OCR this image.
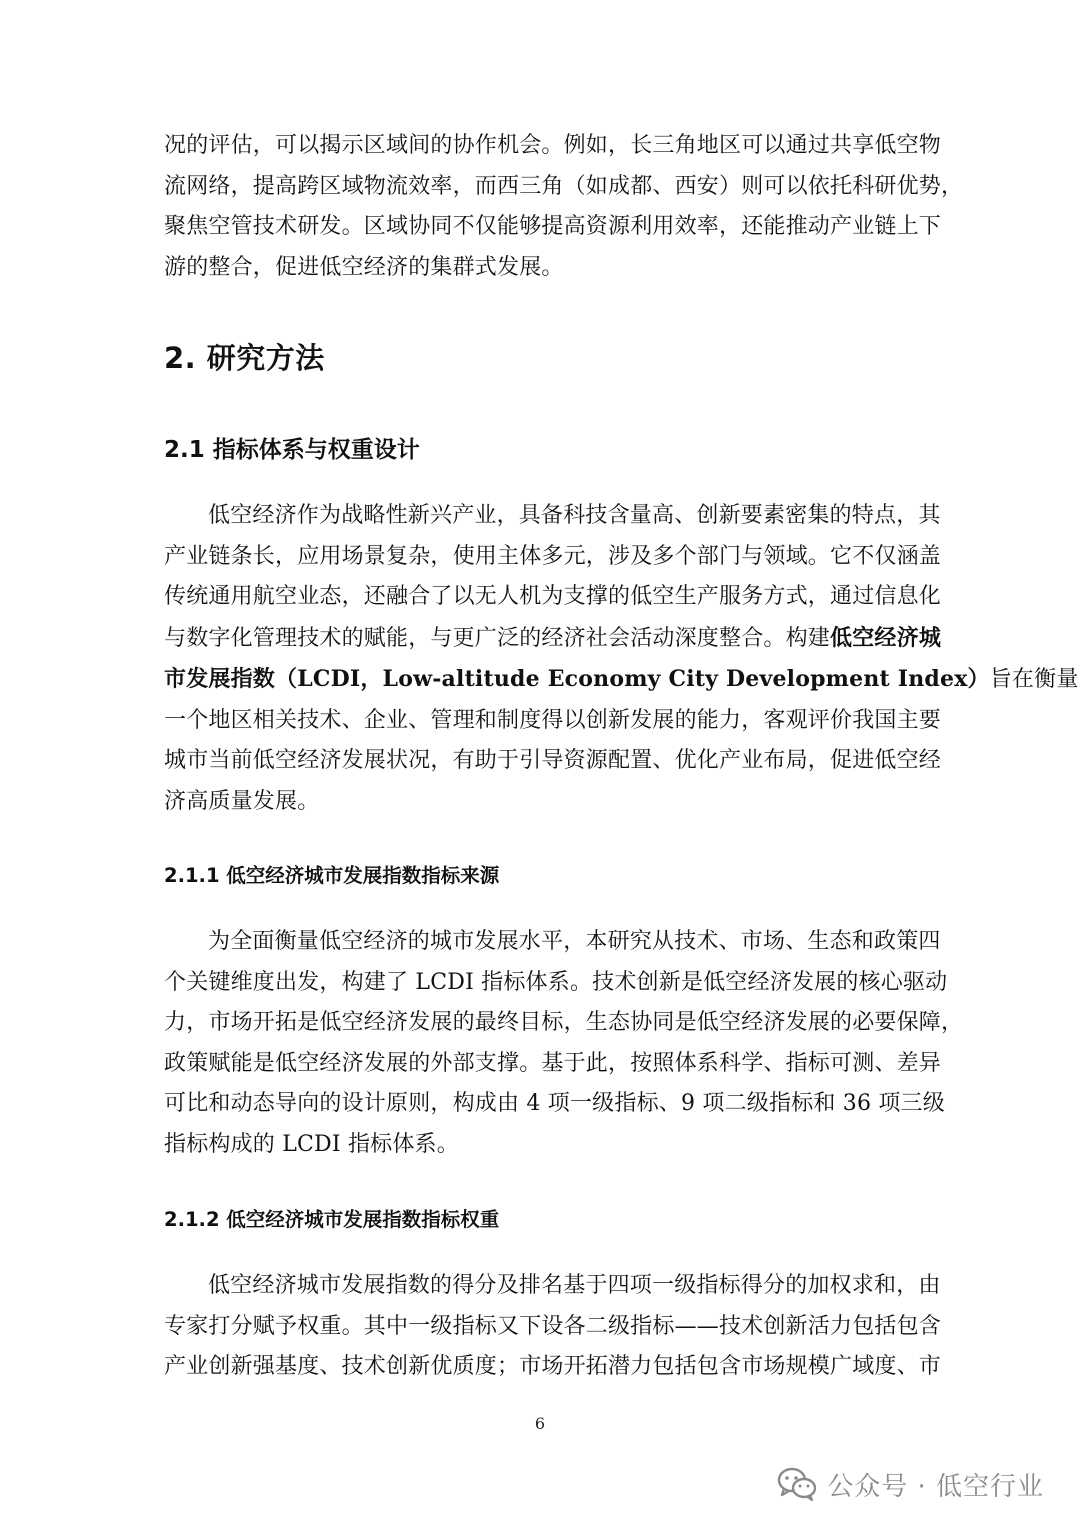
况的评估，可以揭示区域间的协作机会。例如，长三角地区可以通过共享低空物
流网络，提高跨区域物流效率，而西三角（如成都、西安）则可以依托科研优势，
聚焦空管技术研发。区域协同不仅能够提高资源利用效率，还能推动产业链上下
游的整合，促进低空经济的集群式发展。

2. 研究方法
2.1 指标体系与权重设计

低空经济作为战略性新兴产业，具备科技含量高、创新要素密集的特点，其
产业链条长，应用场景复杂，使用主体多元，涉及多个部门与领域。它不仅涵盖
传统通用航空业态，还融合了以无人机为支撑的低空生产服务方式，通过信息化
与数字化管理技术的赋能，与更广泛的经济社会活动深度整合。构建低空经济城
市发展指数（LCDI，Low-altitude Economy City Development Index）旨在衡量
一个地区相关技术、企业、管理和制度得以创新发展的能力，客观评价我国主要
城市当前低空经济发展状况，有助于引导资源配置、优化产业布局，促进低空经
济高质量发展。

2.1.1 低空经济城市发展指数指标来源

为全面衡量低空经济的城市发展水平，本研究从技术、市场、生态和政策四
个关键维度出发，构建了 LCDI 指标体系。技术创新是低空经济发展的核心驱动
力，市场开拓是低空经济发展的最终目标，生态协同是低空经济发展的必要保障，
政策赋能是低空经济发展的外部支撑。基于此，按照体系科学、指标可测、差异
可比和动态导向的设计原则，构成由 4 项一级指标、9 项二级指标和 36 项三级
指标构成的 LCDI 指标体系。

2.1.2 低空经济城市发展指数指标权重

低空经济城市发展指数的得分及排名基于四项一级指标得分的加权求和，由
专家打分赋予权重。其中一级指标又下设各二级指标——技术创新活力包括包含
产业创新强基度、技术创新优质度；市场开拓潜力包括包含市场规模广域度、市

6
公众号 · 低空行业
